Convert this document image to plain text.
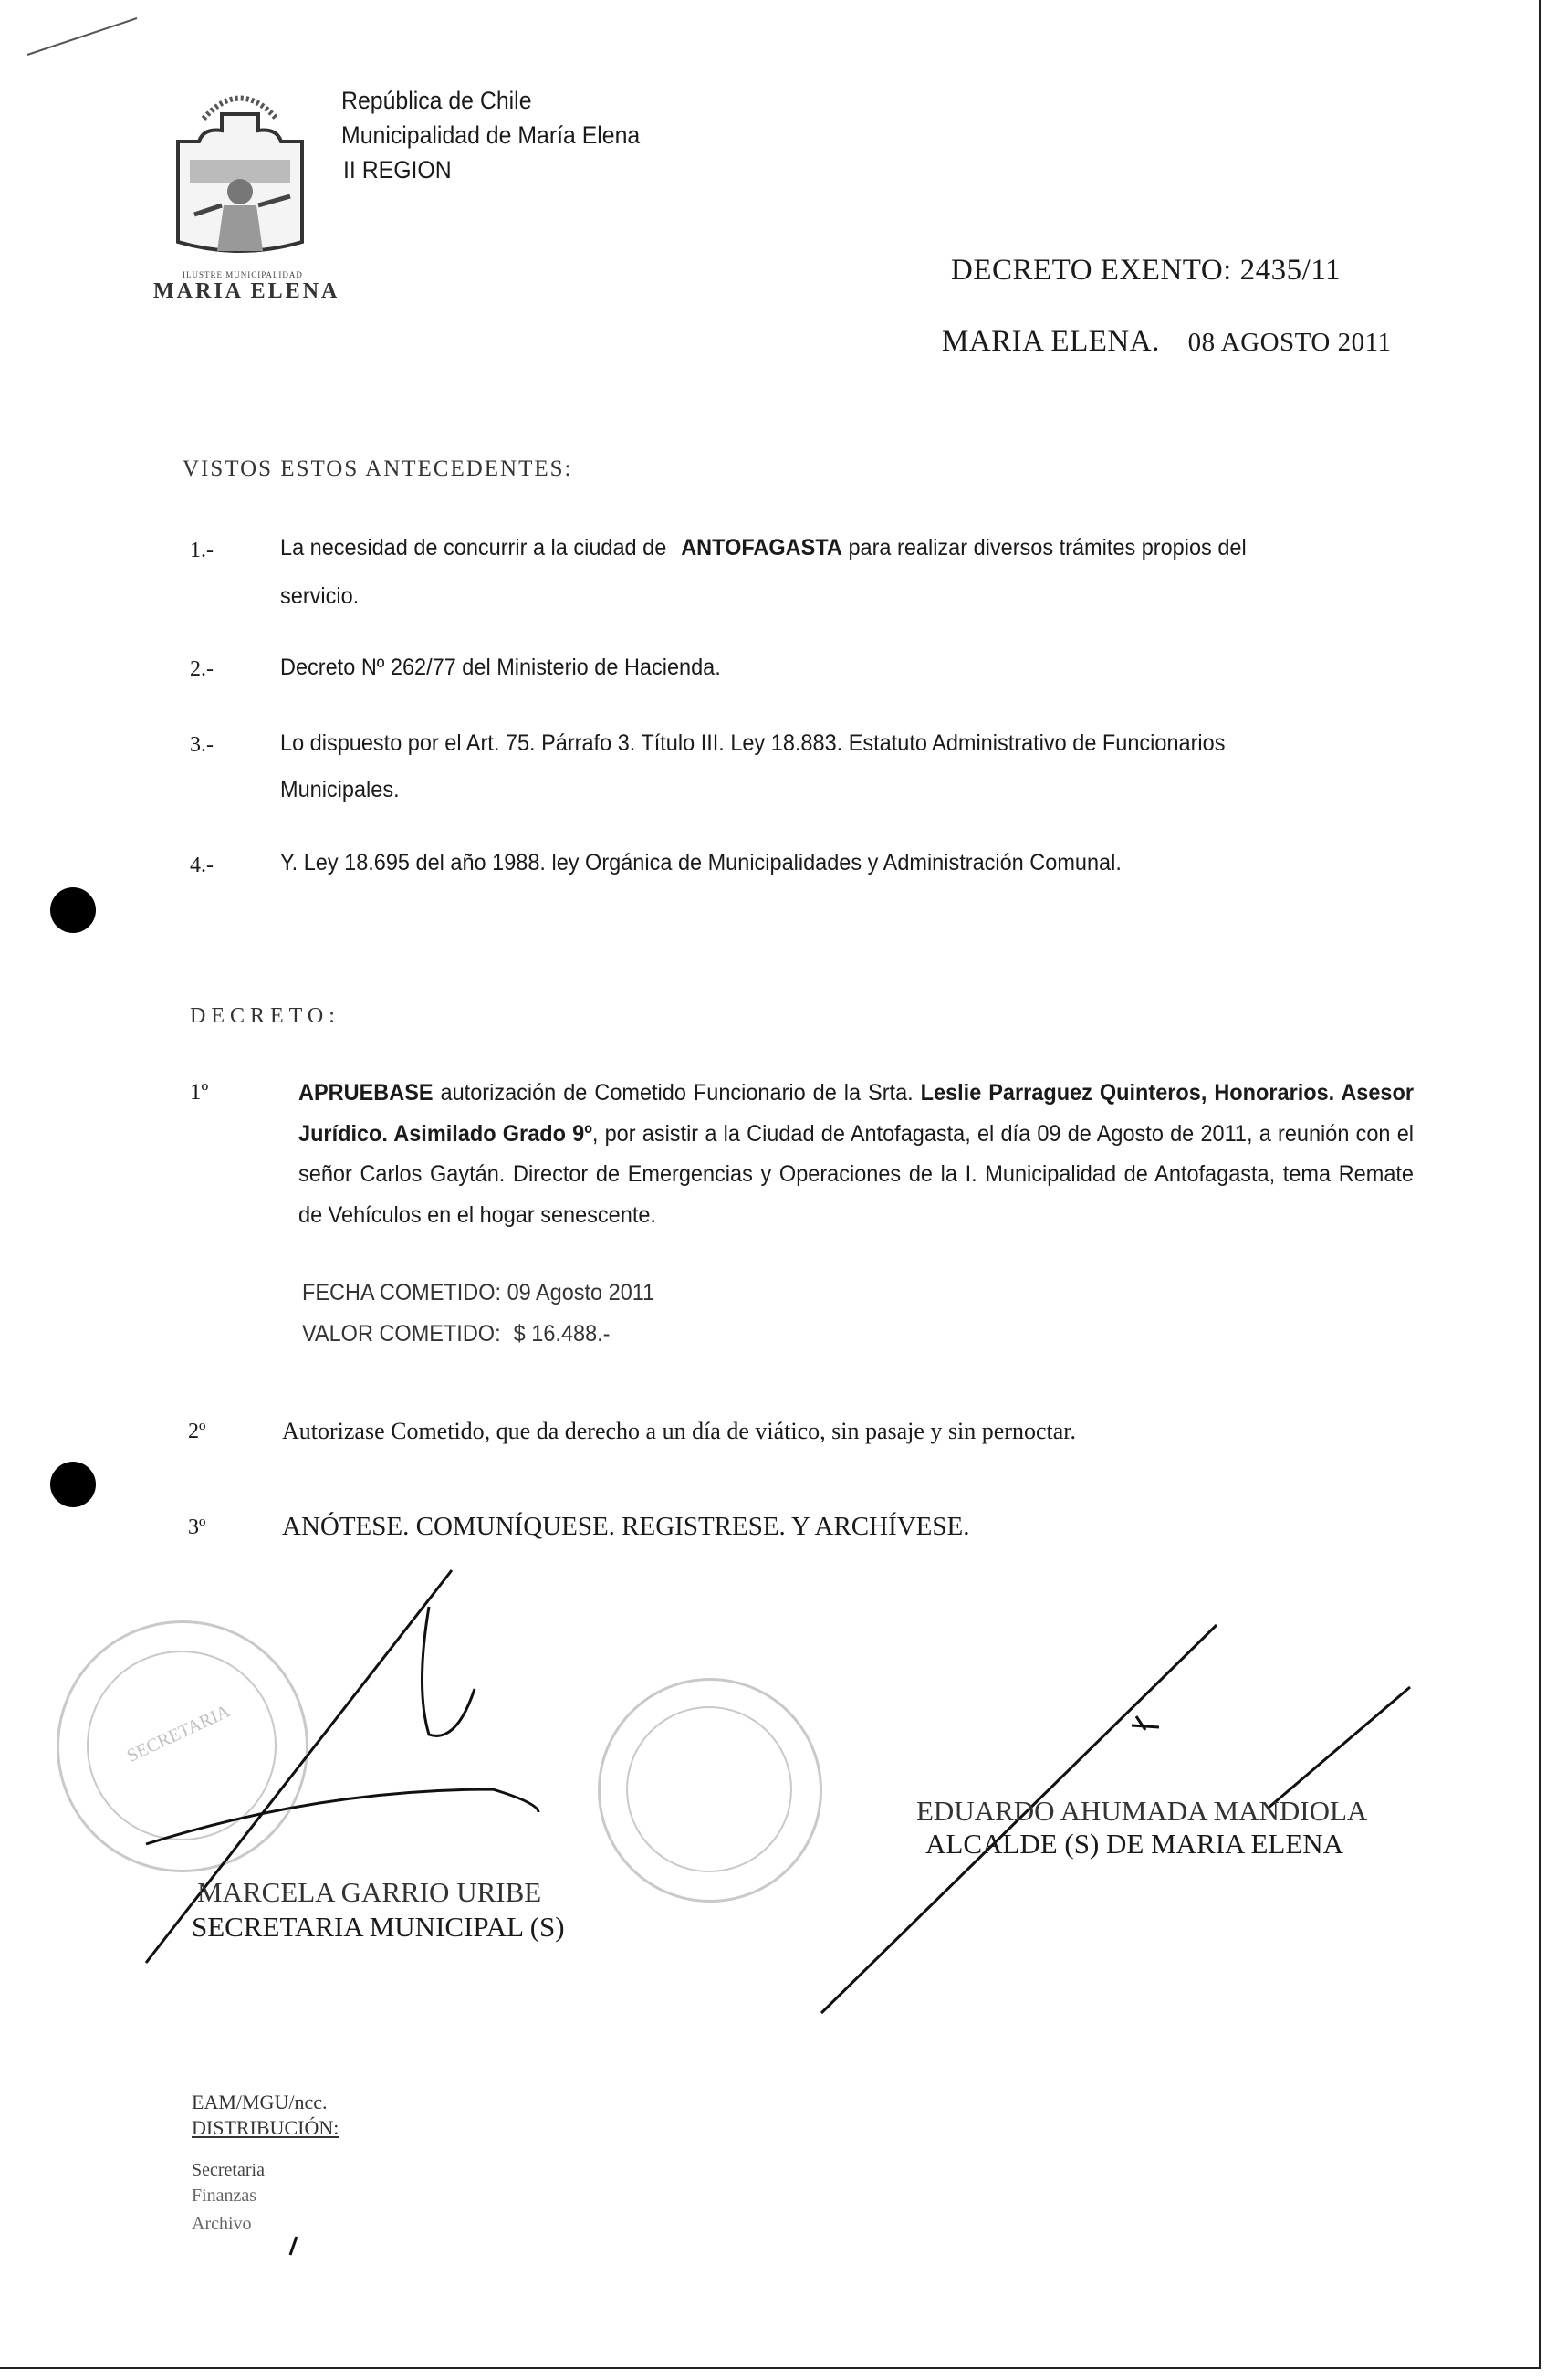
ILUSTRE MUNICIPALIDAD
MARIA ELENA
República de Chile
Municipalidad de María Elena
II REGION
DECRETO EXENTO: 2435/11
MARIA ELENA. 08 AGOSTO 2011
VISTOS ESTOS ANTECEDENTES:
1.-	La necesidad de concurrir a la ciudad de ANTOFAGASTA para realizar diversos trámites propios del
servicio.
2.-	Decreto Nº 262/77 del Ministerio de Hacienda.
3.-	Lo dispuesto por el Art. 75. Párrafo 3. Título III. Ley 18.883. Estatuto Administrativo de Funcionarios
Municipales.
4.-	Y. Ley 18.695 del año 1988. ley Orgánica de Municipalidades y Administración Comunal.
DECRETO:
1º	APRUEBASE autorización de Cometido Funcionario de la Srta. Leslie Parraguez Quinteros, Honorarios. Asesor Jurídico. Asimilado Grado 9º, por asistir a la Ciudad de Antofagasta, el día 09 de Agosto de 2011, a reunión con el señor Carlos Gaytán. Director de Emergencias y Operaciones de la I. Municipalidad de Antofagasta, tema Remate de Vehículos en el hogar senescente.
FECHA COMETIDO: 09 Agosto 2011
VALOR COMETIDO: $ 16.488.-
2º	Autorizase Cometido, que da derecho a un día de viático, sin pasaje y sin pernoctar.
3º	ANÓTESE. COMUNÍQUESE. REGISTRESE. Y ARCHÍVESE.
SECRETARIA
MARCELA GARRIO URIBE
SECRETARIA MUNICIPAL (S)
EDUARDO AHUMADA MANDIOLA
ALCALDE (S) DE MARIA ELENA
EAM/MGU/ncc.
DISTRIBUCIÓN:
Secretaria
Finanzas
Archivo
